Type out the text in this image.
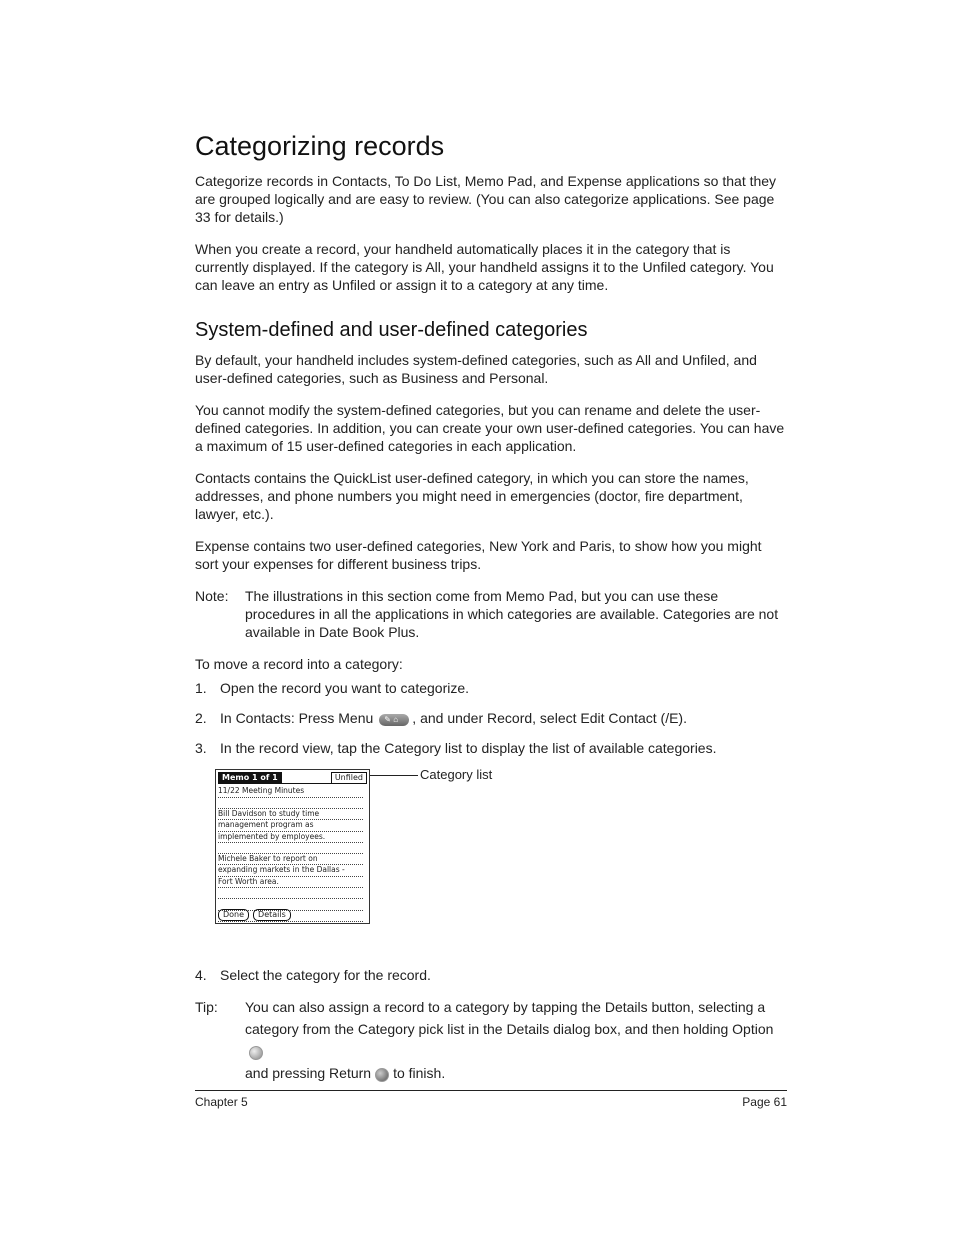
Categorizing records

Categorize records in Contacts, To Do List, Memo Pad, and Expense applications so that they are grouped logically and are easy to review. (You can also categorize applications. See page 33 for details.)

When you create a record, your handheld automatically places it in the category that is currently displayed. If the category is All, your handheld assigns it to the Unfiled category. You can leave an entry as Unfiled or assign it to a category at any time.

System-defined and user-defined categories

By default, your handheld includes system-defined categories, such as All and Unfiled, and user-defined categories, such as Business and Personal.

You cannot modify the system-defined categories, but you can rename and delete the user-defined categories. In addition, you can create your own user-defined categories. You can have a maximum of 15 user-defined categories in each application.

Contacts contains the QuickList user-defined category, in which you can store the names, addresses, and phone numbers you might need in emergencies (doctor, fire department, lawyer, etc.).

Expense contains two user-defined categories, New York and Paris, to show how you might sort your expenses for different business trips.

Note:	The illustrations in this section come from Memo Pad, but you can use these procedures in all the applications in which categories are available. Categories are not available in Date Book Plus.
To move a record into a category:
1. Open the record you want to categorize.
2. In Contacts: Press Menu✎ ⌂	, and under Record, select Edit Contact (/E).
3. In the record view, tap the Category list to display the list of available categories.
Memo 1 of 1	Unfiled
11/22 Meeting Minutes
Bill Davidson to study time
management program as
implemented by employees.
Michele Baker to report on
expanding markets in the Dallas -
Fort Worth area.
Done	Details
Category list
4. Select the category for the record.
Tip:	You can also assign a record to a category by tapping the Details button, selecting a category from the Category pick list in the Details dialog box, and then holding Option
and pressing Return to finish.
Chapter 5	Page 61
